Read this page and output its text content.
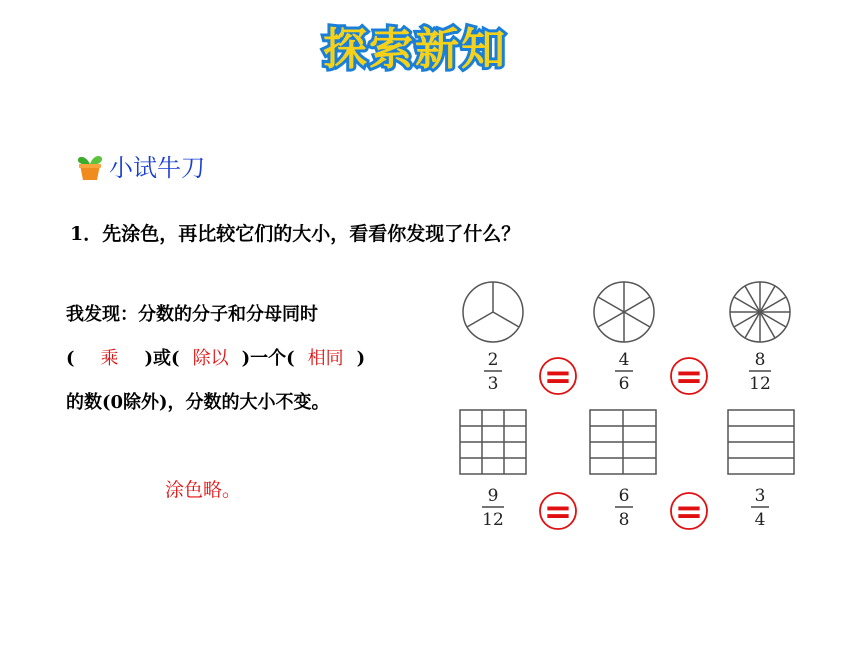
探索新知
小试牛刀
1．先涂色，再比较它们的大小，看看你发现了什么？
我发现：分数的分子和分母同时
( 乘 )或( 除以 )一个( 相同 )
的数(0除外)，分数的大小不变。
涂色略。
2
3 =	4
6 =	8
12
9
12 =	6
8 =	3
4
